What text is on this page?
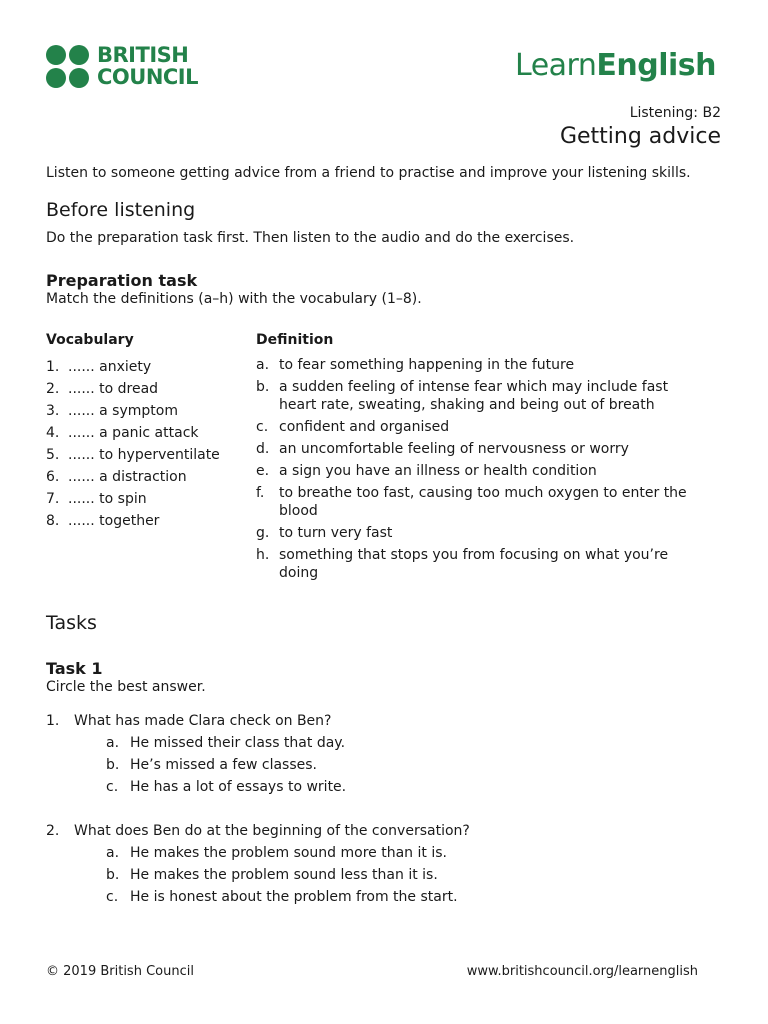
BRITISH
COUNCIL	LearnEnglish
Listening: B2
Getting advice
Listen to someone getting advice from a friend to practise and improve your listening skills.
Before listening
Do the preparation task first. Then listen to the audio and do the exercises.
Preparation task
Match the definitions (a–h) with the vocabulary (1–8).
Vocabulary	Definition
1. ...... anxiety
2. ...... to dread
3. ...... a symptom
4. ...... a panic attack
5. ...... to hyperventilate
6. ...... a distraction
7. ...... to spin
8. ...... together
a. to fear something happening in the future
b. a sudden feeling of intense fear which may include fast heart rate, sweating, shaking and being out of breath
c. confident and organised
d. an uncomfortable feeling of nervousness or worry
e. a sign you have an illness or health condition
f.	to breathe too fast, causing too much oxygen to enter the blood
g. to turn very fast
h. something that stops you from focusing on what you’re doing
Tasks
Task 1
Circle the best answer.
1.	What has made Clara check on Ben?
a. He missed their class that day.
b. He’s missed a few classes.
c. He has a lot of essays to write.
2.	What does Ben do at the beginning of the conversation?
a. He makes the problem sound more than it is.
b. He makes the problem sound less than it is.
c. He is honest about the problem from the start.
© 2019 British Council	www.britishcouncil.org/learnenglish
